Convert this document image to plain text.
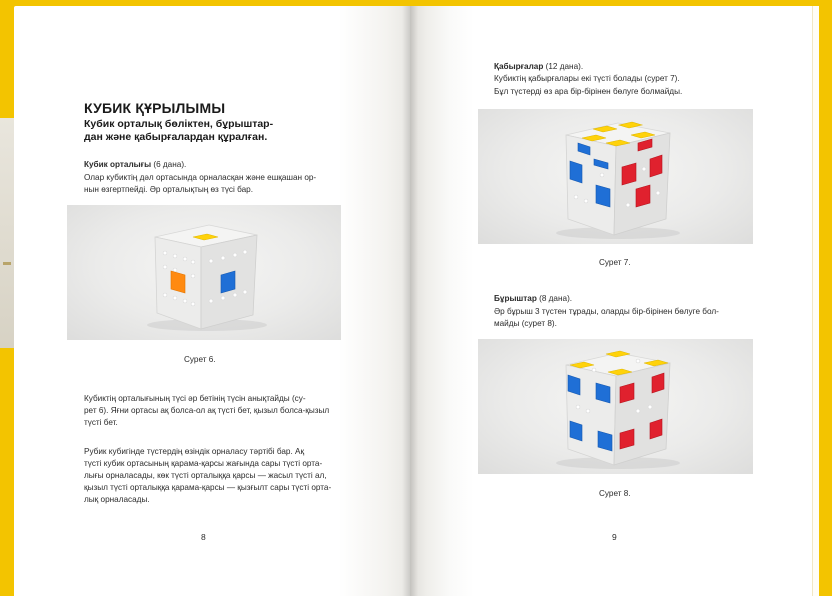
КУБИК ҚҰРЫЛЫМЫ
Кубик орталық бөліктен, бұрыштар-
дан және қабырғалардан құралған.
Кубик орталығы (6 дана).
Олар кубиктің дәл ортасында орналасқан және ешқашан ор-
нын өзгертпейді. Әр орталықтың өз түсі бар.
Сурет 6.
Кубиктің орталығының түсі әр бетінің түсін анықтайды (су-
рет 6). Яғни ортасы ақ болса-ол ақ түсті бет, қызыл болса-қызыл
түсті бет.
Рубик кубигінде түстердің өзіндік орналасу тәртібі бар. Ақ
түсті кубик ортасының қарама-қарсы жағында сары түсті орта-
лығы орналасады, көк түсті орталыққа қарсы — жасыл түсті ал,
қызыл түсті орталыққа қарама-қарсы — қызғылт сары түсті орта-
лық орналасады.
8
Қабырғалар (12 дана).
Кубиктің қабырғалары екі түсті болады (сурет 7).
Бұл түстерді өз ара бір-бірінен бөлуге болмайды.
Сурет 7.
Бұрыштар (8 дана).
Әр бұрыш 3 түстен тұрады, оларды бір-бірінен бөлуге бол-
майды (сурет 8).
Сурет 8.
9
